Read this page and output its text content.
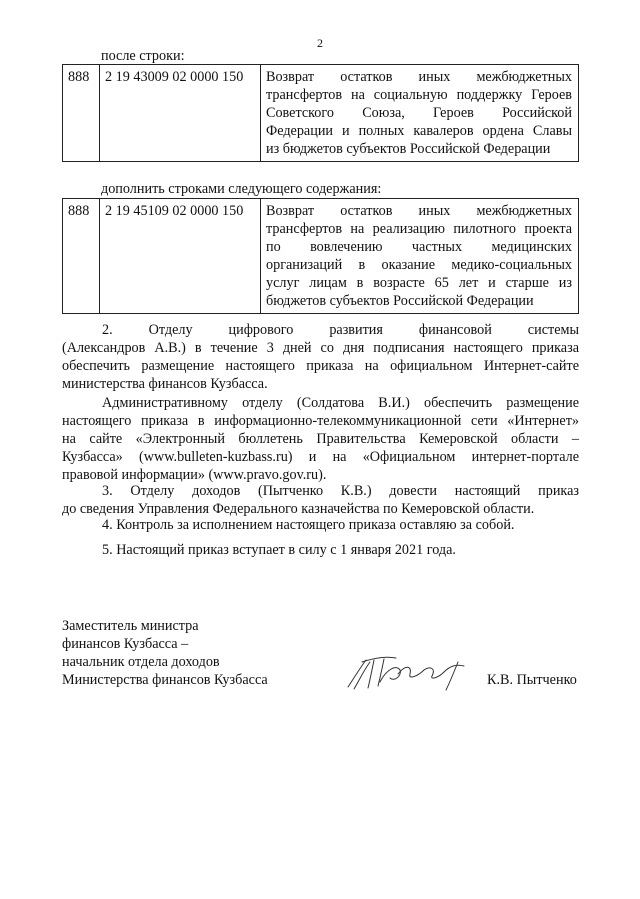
2
после строки:
888	2 19 43009 02 0000 150	Возврат остатков иных межбюджетных
трансфертов на социальную поддержку Героев
Советского Союза, Героев Российской
Федерации и полных кавалеров ордена Славы
из бюджетов субъектов Российской Федерации
дополнить строками следующего содержания:
888	2 19 45109 02 0000 150	Возврат остатков иных межбюджетных
трансфертов на реализацию пилотного проекта
по вовлечению частных медицинских
организаций в оказание медико-социальных
услуг лицам в возрасте 65 лет и старше из
бюджетов субъектов Российской Федерации
2. Отделу цифрового развития финансовой системы
(Александров А.В.) в течение 3 дней со дня подписания настоящего приказа
обеспечить размещение настоящего приказа на официальном Интернет-сайте
министерства финансов Кузбасса.
Административному отделу (Солдатова В.И.) обеспечить размещение
настоящего приказа в информационно-телекоммуникационной сети «Интернет»
на сайте «Электронный бюллетень Правительства Кемеровской области –
Кузбасса» (www.bulleten-kuzbass.ru) и на «Официальном интернет-портале
правовой информации» (www.pravo.gov.ru).
3. Отделу доходов (Пытченко К.В.) довести настоящий приказ
до сведения Управления Федерального казначейства по Кемеровской области.
4. Контроль за исполнением настоящего приказа оставляю за собой.
5. Настоящий приказ вступает в силу с 1 января 2021 года.
Заместитель министра
финансов Кузбасса –
начальник отдела доходов
Министерства финансов Кузбасса	К.В. Пытченко
